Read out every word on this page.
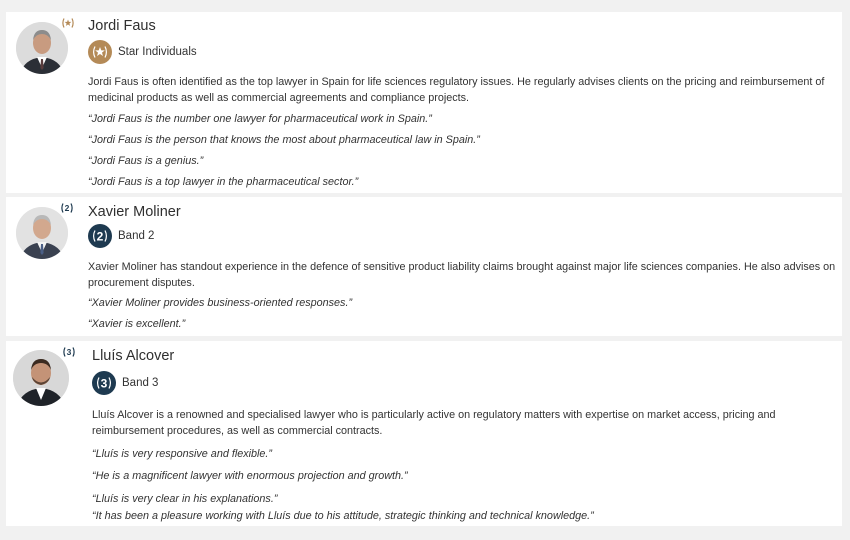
Jordi Faus
Star Individuals
Jordi Faus is often identified as the top lawyer in Spain for life sciences regulatory issues. He regularly advises clients on the pricing and reimbursement of medicinal products as well as commercial agreements and compliance projects.
“Jordi Faus is the number one lawyer for pharmaceutical work in Spain.”
“Jordi Faus is the person that knows the most about pharmaceutical law in Spain.”
“Jordi Faus is a genius.”
“Jordi Faus is a top lawyer in the pharmaceutical sector.”
2 Xavier Moliner
2 Band 2
Xavier Moliner has standout experience in the defence of sensitive product liability claims brought against major life sciences companies. He also advises on procurement disputes.
“Xavier Moliner provides business-oriented responses.”
“Xavier is excellent.”
3 Lluís Alcover
3 Band 3
Lluís Alcover is a renowned and specialised lawyer who is particularly active on regulatory matters with expertise on market access, pricing and reimbursement procedures, as well as commercial contracts.
“Lluís is very responsive and flexible.”
“He is a magnificent lawyer with enormous projection and growth.”
“Lluís is very clear in his explanations.”
“It has been a pleasure working with Lluís due to his attitude, strategic thinking and technical knowledge.”
